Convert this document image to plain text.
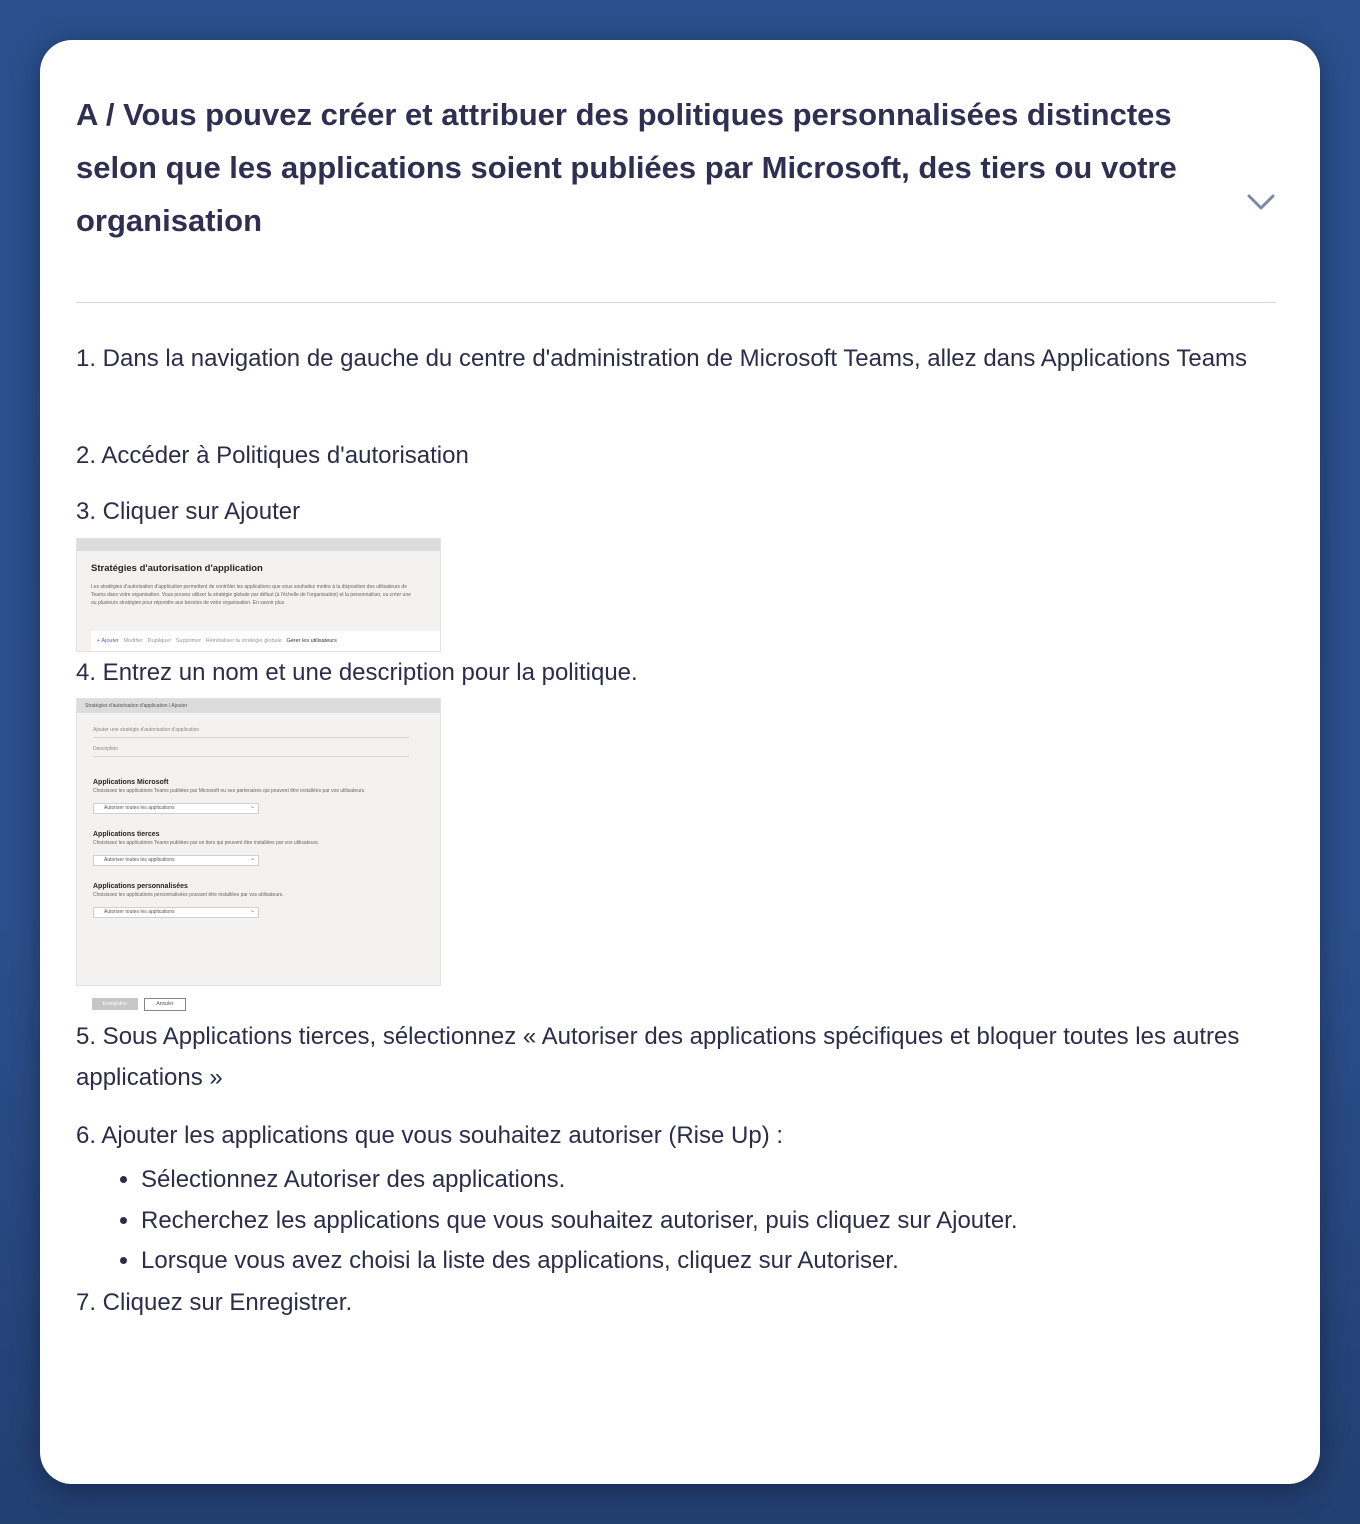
A / Vous pouvez créer et attribuer des politiques personnalisées distinctes selon que les applications soient publiées par Microsoft, des tiers ou votre organisation

1. Dans la navigation de gauche du centre d'administration de Microsoft Teams, allez dans Applications Teams

2. Accéder à Politiques d'autorisation

3. Cliquer sur Ajouter

Stratégies d'autorisation d'application
Les stratégies d'autorisation d'application permettent de contrôler les applications que vous souhaitez mettre à la disposition des utilisateurs de Teams dans votre organisation. Vous pouvez utiliser la stratégie globale par défaut (à l'échelle de l'organisation) et la personnaliser, ou créer une ou plusieurs stratégies pour répondre aux besoins de votre organisation. En savoir plus
+ Ajouter Modifier Dupliquer Supprimer Réinitialiser la stratégie globale Gérer les utilisateurs

4. Entrez un nom et une description pour la politique.

Stratégies d'autorisation d'application \ Ajouter
Ajouter une stratégie d'autorisation d'application
Description
Applications Microsoft
Choisissez les applications Teams publiées par Microsoft ou ses partenaires qui peuvent être installées par vos utilisateurs.
Autoriser toutes les applications ⌄
Applications tierces
Choisissez les applications Teams publiées par un tiers qui peuvent être installées par vos utilisateurs.
Autoriser toutes les applications ⌄
Applications personnalisées
Choisissez les applications personnalisées pouvant être installées par vos utilisateurs.
Autoriser toutes les applications ⌄
Enregistrer	Annuler

5. Sous Applications tierces, sélectionnez « Autoriser des applications spécifiques et bloquer toutes les autres applications »

6. Ajouter les applications que vous souhaitez autoriser (Rise Up) :

• Sélectionnez Autoriser des applications.
• Recherchez les applications que vous souhaitez autoriser, puis cliquez sur Ajouter.
• Lorsque vous avez choisi la liste des applications, cliquez sur Autoriser.

7. Cliquez sur Enregistrer.
